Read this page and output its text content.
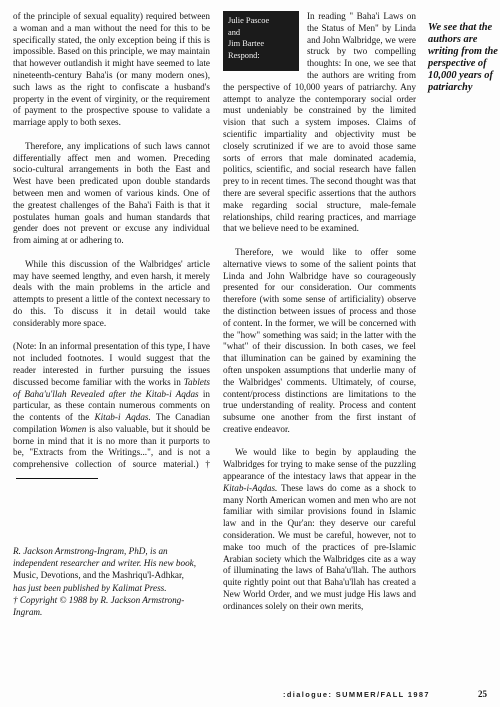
of the principle of sexual equality) required between a woman and a man without the need for this to be specifically stated, the only exception being if this is impossible. Based on this principle, we may maintain that however outlandish it might have seemed to late nineteenth-century Baha'is (or many modern ones), such laws as the right to confiscate a husband's property in the event of virginity, or the requirement of payment to the prospective spouse to validate a marriage apply to both sexes.

Therefore, any implications of such laws cannot differentially affect men and women. Preceding socio-cultural arrangements in both the East and West have been predicated upon double standards between men and women of various kinds. One of the greatest challenges of the Baha'i Faith is that it postulates human goals and human standards that gender does not prevent or excuse any individual from aiming at or adhering to.

While this discussion of the Walbridges' article may have seemed lengthy, and even harsh, it merely deals with the main problems in the article and attempts to present a little of the context necessary to do this. To discuss it in detail would take considerably more space.

(Note: In an informal presentation of this type, I have not included footnotes. I would suggest that the reader interested in further pursuing the issues discussed become familiar with the works in Tablets of Baha'u'llah Revealed after the Kitab-i Aqdas in particular, as these contain numerous comments on the contents of the Kitab-i Aqdas. The Canadian compilation Women is also valuable, but it should be borne in mind that it is no more than it purports to be, "Extracts from the Writings...", and is not a comprehensive collection of source material.) †

R. Jackson Armstrong-Ingram, PhD, is an independent researcher and writer. His new book,

Music, Devotions, and the Mashriqu'l-Adhkar,

has just been published by Kalimat Press.

† Copyright © 1988 by R. Jackson Armstrong-Ingram.

Julie Pascoe
and
Jim Bartee
Respond:
In reading " Baha'i Laws on the Status of Men" by Linda and John Walbridge, we were struck by two compelling thoughts: In one, we see that the authors are writing from the perspective of 10,000 years of patriarchy. Any attempt to analyze the contemporary social order must undeniably be constrained by the limited vision that such a system imposes. Claims of scientific impartiality and objectivity must be closely scrutinized if we are to avoid those same sorts of errors that male dominated academia, politics, scientific, and social research have fallen prey to in recent times. The second thought was that there are several specific assertions that the authors make regarding social structure, male-female relationships, child rearing practices, and marriage that we believe need to be examined.

Therefore, we would like to offer some alternative views to some of the salient points that Linda and John Walbridge have so courageously presented for our consideration. Our comments therefore (with some sense of artificiality) observe the distinction between issues of process and those of content. In the former, we will be concerned with the "how" something was said; in the latter with the "what" of their discussion. In both cases, we feel that illumination can be gained by examining the often unspoken assumptions that underlie many of the Walbridges' comments. Ultimately, of course, content/process distinctions are limitations to the true understanding of reality. Process and content subsume one another from the first instant of creative endeavor.

We would like to begin by applauding the Walbridges for trying to make sense of the puzzling appearance of the intestacy laws that appear in the Kitab-i-Aqdas. These laws do come as a shock to many North American women and men who are not familiar with similar provisions found in Islamic law and in the Qur'an: they deserve our careful consideration. We must be careful, however, not to make too much of the practices of pre-Islamic Arabian society which the Walbridges cite as a way of illuminating the laws of Baha'u'llah. The authors quite rightly point out that Baha'u'llah has created a New World Order, and we must judge His laws and ordinances solely on their own merits,

We see that the authors are writing from the perspective of 10,000 years of patriarchy
:dialogue: SUMMER/FALL 1987	25
